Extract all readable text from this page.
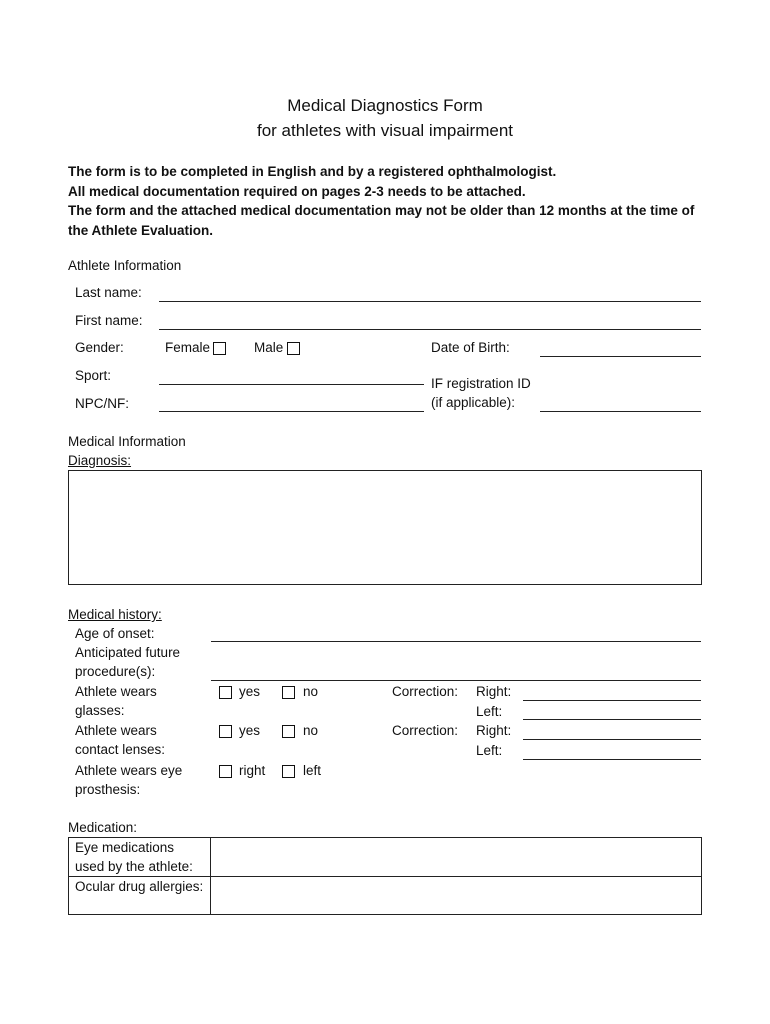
Medical Diagnostics Form
for athletes with visual impairment
The form is to be completed in English and by a registered ophthalmologist.
All medical documentation required on pages 2-3 needs to be attached.
The form and the attached medical documentation may not be older than 12 months at the time of
the Athlete Evaluation.
Athlete Information
Last name:
First name:
Gender:	Female	Male	Date of Birth:
Sport:
IF registration ID
(if applicable):
NPC/NF:
Medical Information
Diagnosis:
Medical history:
Age of onset:
Anticipated future
procedure(s):
Athlete wears
glasses:
yes	no	Correction: Right:
Left:
Athlete wears
contact lenses:
yes	no	Correction: Right:
Left:
Athlete wears eye
prosthesis:
right	left
Medication:
Eye medications
used by the athlete:
Ocular drug allergies:
